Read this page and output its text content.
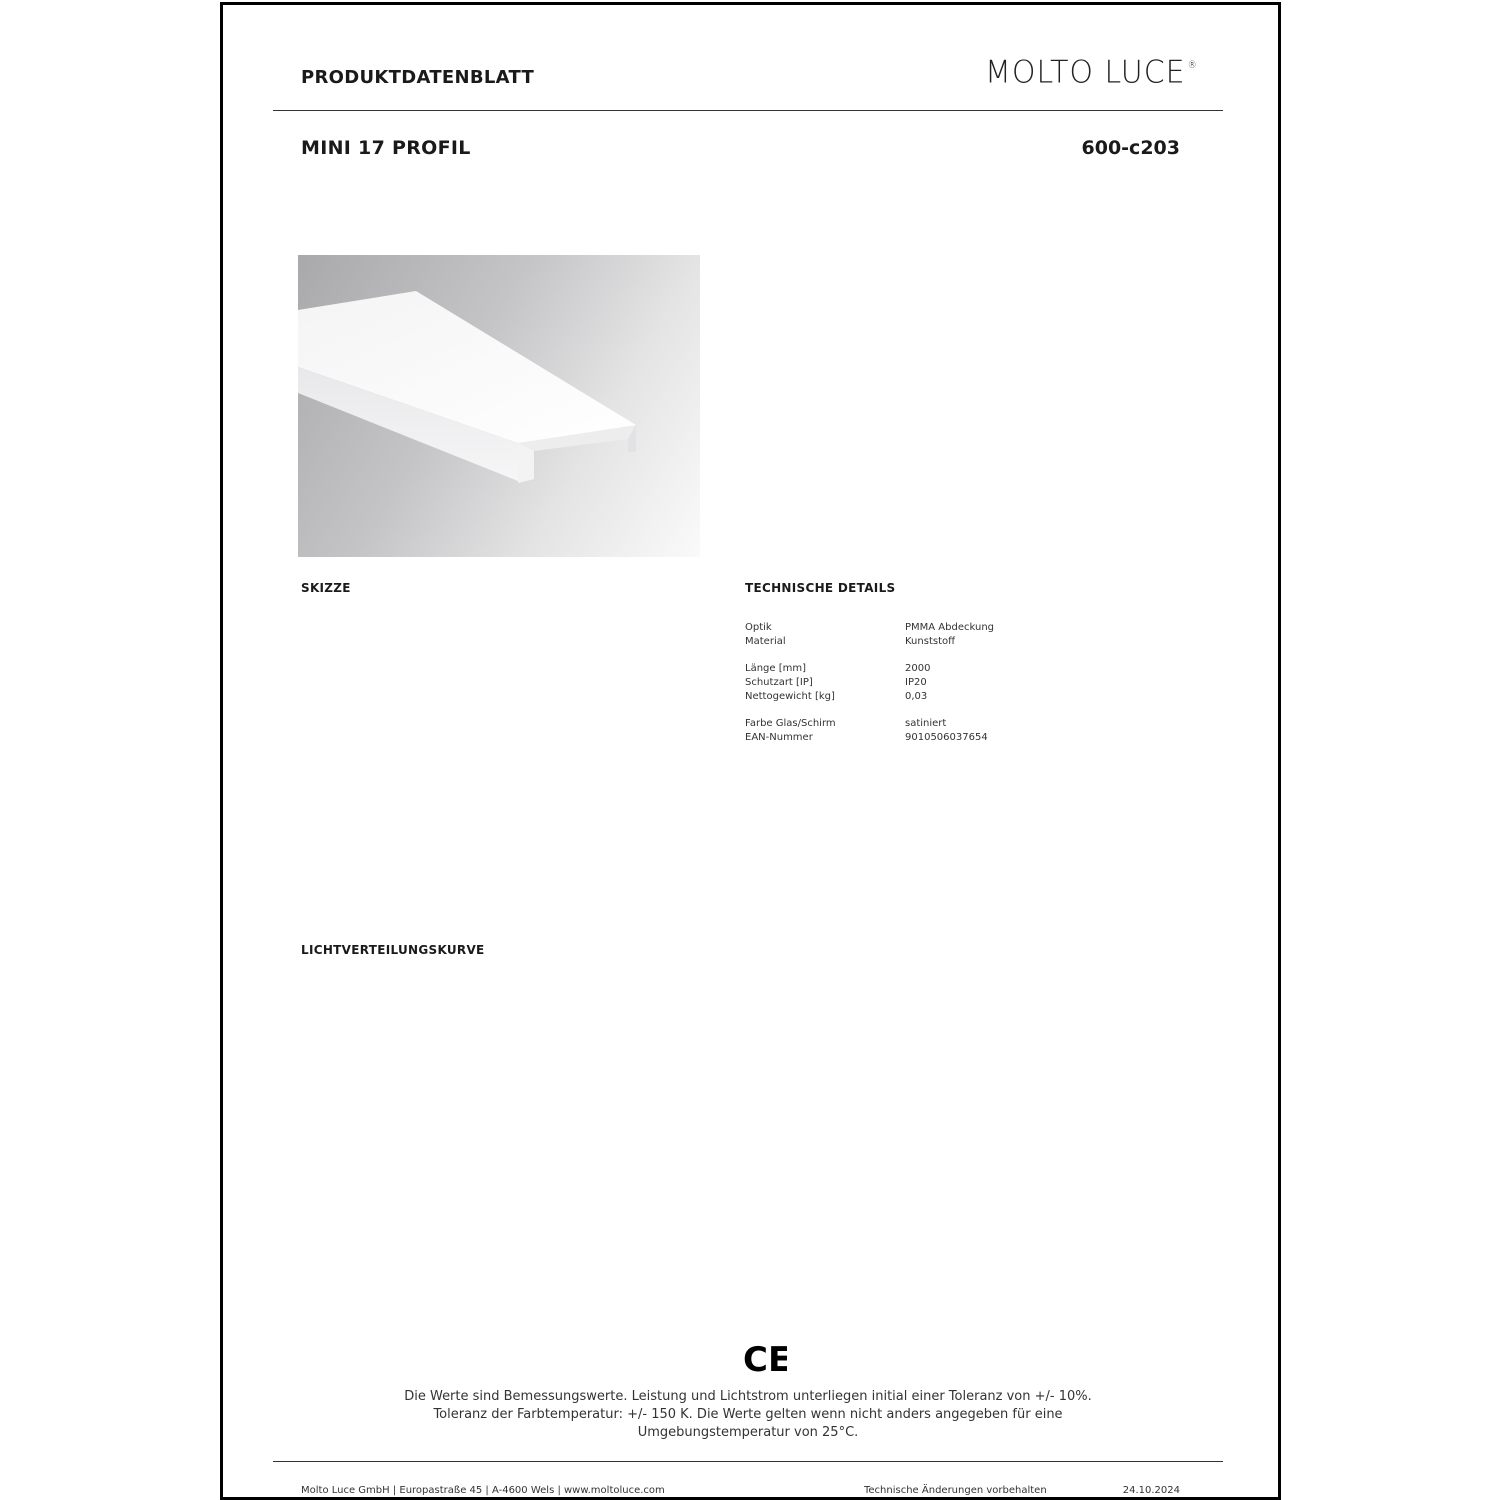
PRODUKTDATENBLATT	MOLTO LUCE ®
MINI 17 PROFIL	600-c203
SKIZZE	TECHNISCHE DETAILS
Optik	PMMA Abdeckung
Material	Kunststoff
Länge [mm]	2000
Schutzart [IP]	IP20
Nettogewicht [kg]	0,03
Farbe Glas/Schirm	satiniert
EAN-Nummer	9010506037654
LICHTVERTEILUNGSKURVE
CE
Die Werte sind Bemessungswerte. Leistung und Lichtstrom unterliegen initial einer Toleranz von +/- 10%.
Toleranz der Farbtemperatur: +/- 150 K. Die Werte gelten wenn nicht anders angegeben für eine
Umgebungstemperatur von 25°C.
Molto Luce GmbH | Europastraße 45 | A-4600 Wels | www.moltoluce.com	Technische Änderungen vorbehalten	24.10.2024
